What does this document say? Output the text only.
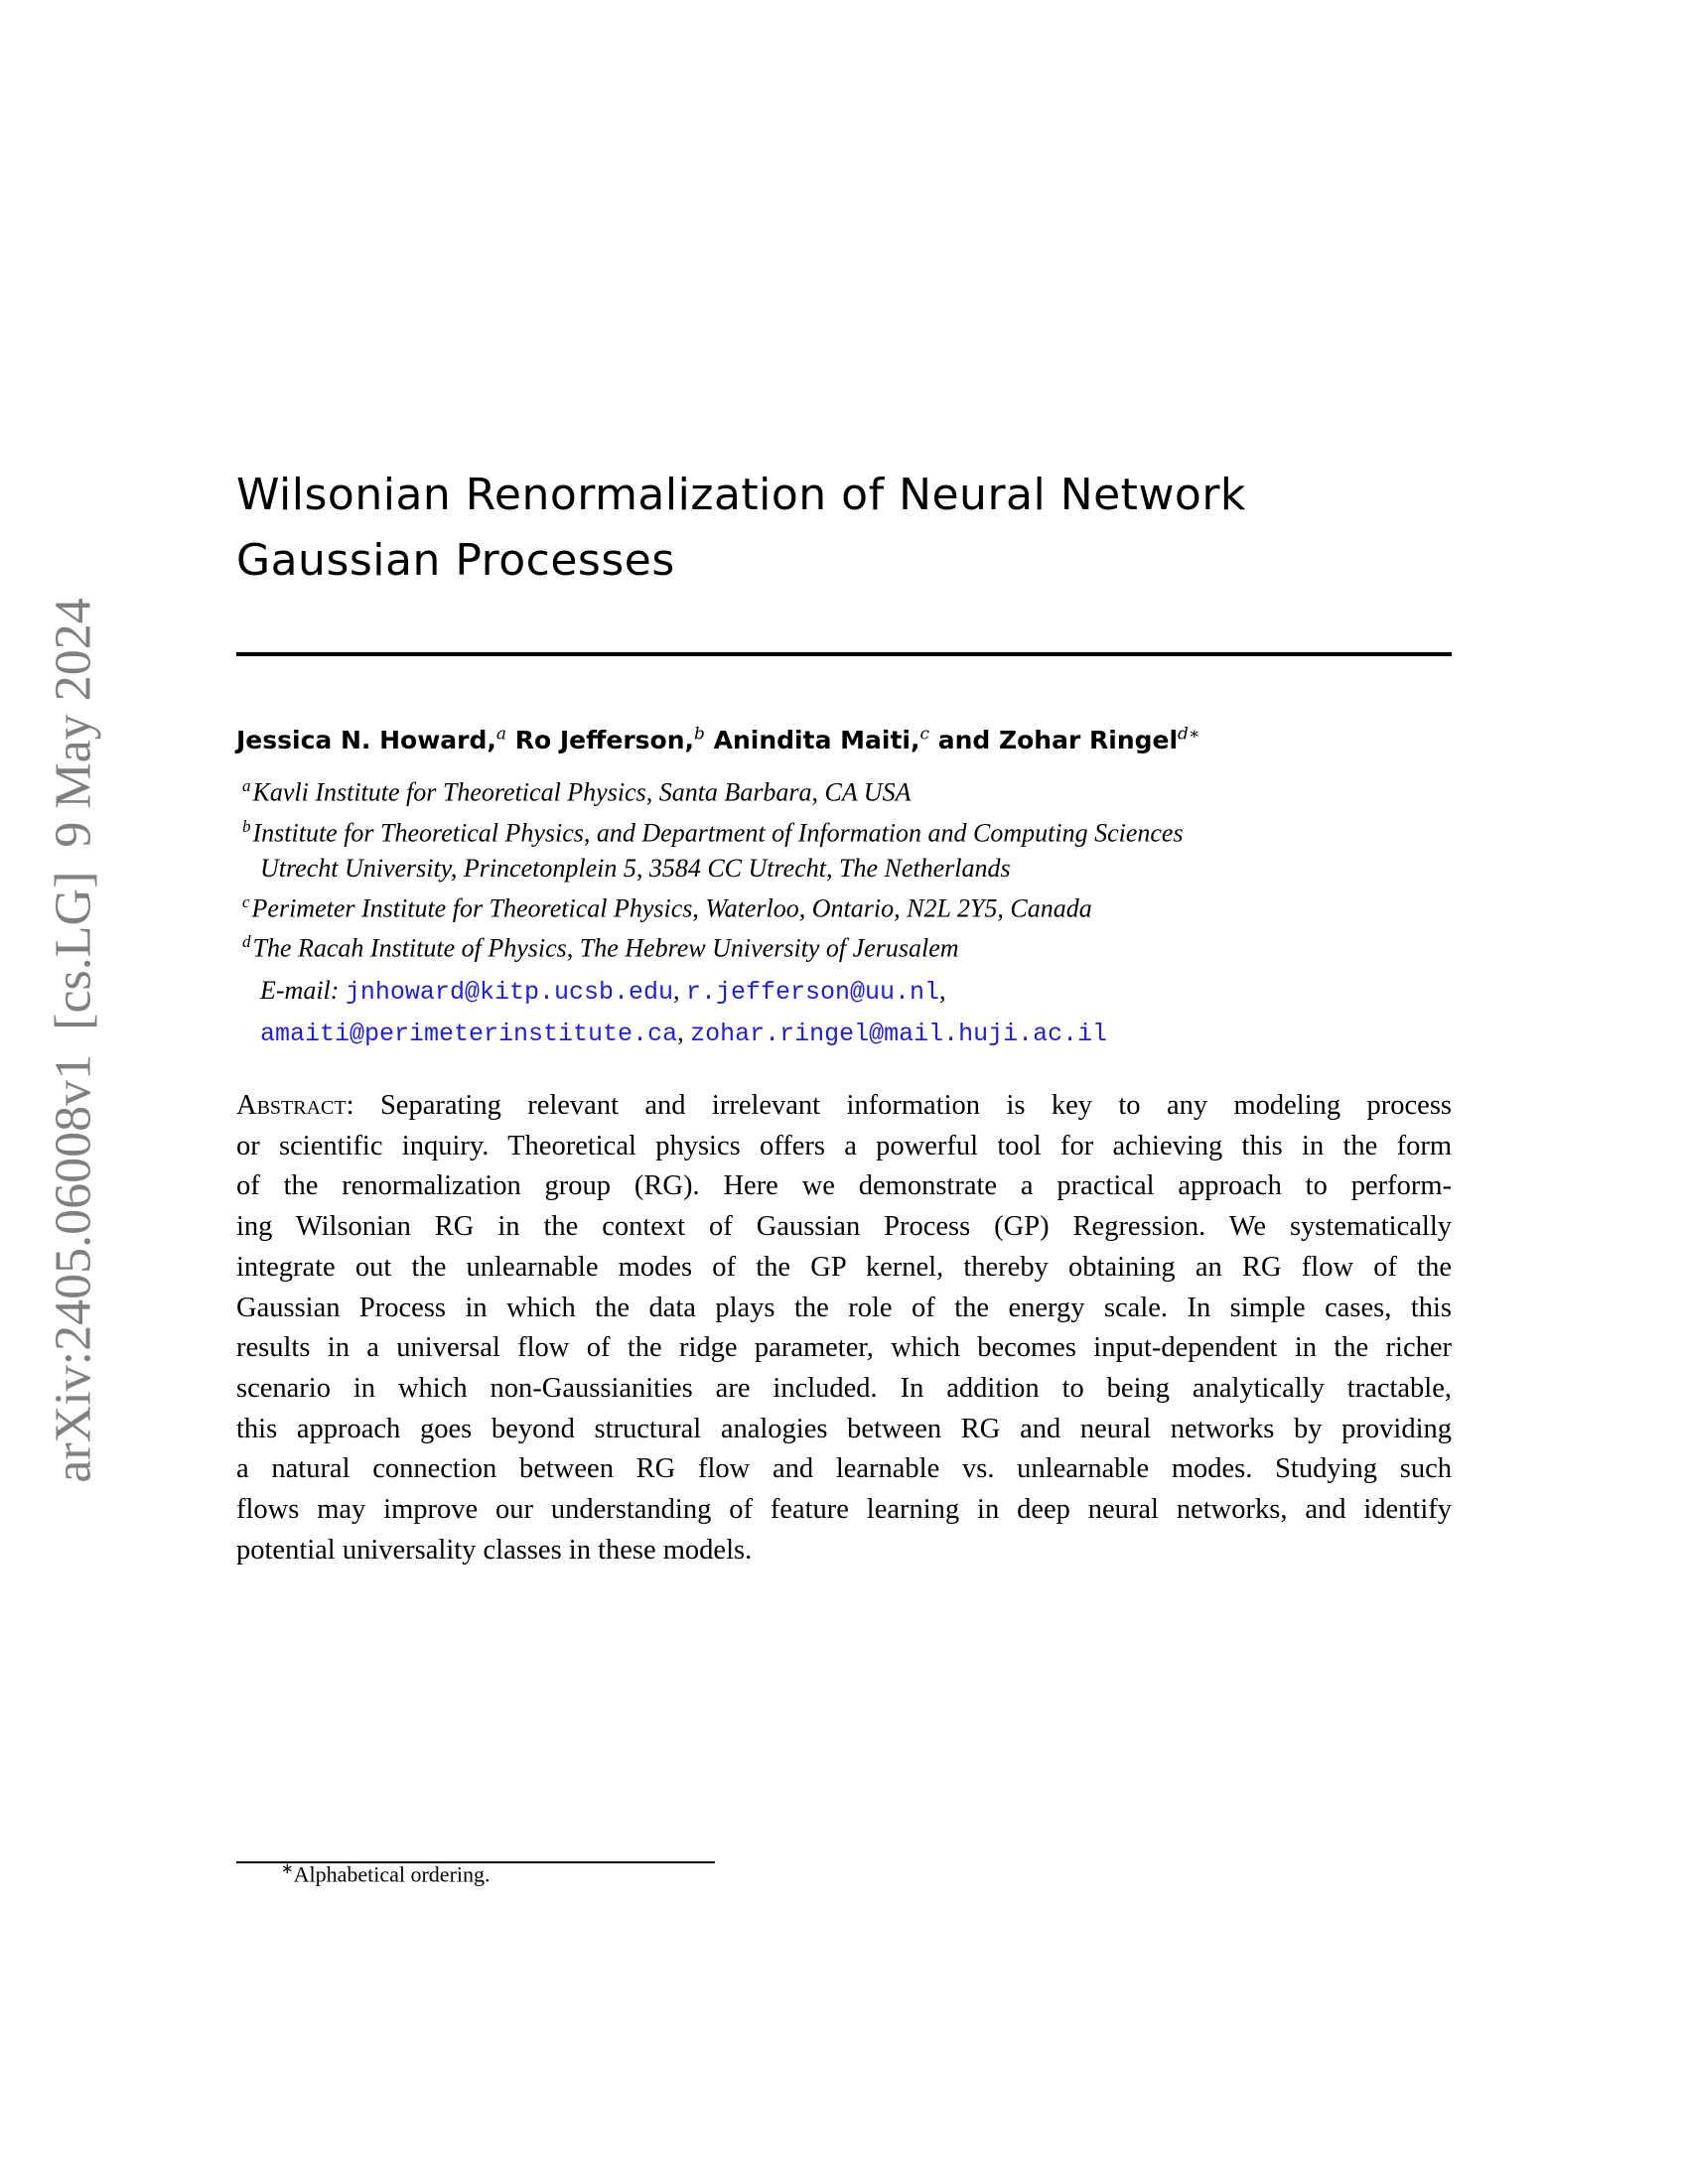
arXiv:2405.06008v1[cs.LG]9 May 2024
Wilsonian Renormalization of Neural Network
Gaussian Processes
Jessica N. Howard,$^a$ Ro Jefferson,$^b$ Anindita Maiti,$^c$ and Zohar Ringel$^{d∗}$
$^a$Kavli Institute for Theoretical Physics, Santa Barbara, CA USA
$^b$Institute for Theoretical Physics, and Department of Information and Computing Sciences
Utrecht University, Princetonplein 5, 3584 CC Utrecht, The Netherlands
$^c$Perimeter Institute for Theoretical Physics, Waterloo, Ontario, N2L 2Y5, Canada
$^d$The Racah Institute of Physics, The Hebrew University of Jerusalem
E-mail: jnhoward@kitp.ucsb.edu, r.jefferson@uu.nl,
amaiti@perimeterinstitute.ca, zohar.ringel@mail.huji.ac.il
Abstract: Separating relevant and irrelevant information is key to any modeling process
or scientific inquiry. Theoretical physics offers a powerful tool for achieving this in the form
of the renormalization group (RG). Here we demonstrate a practical approach to perform-
ing Wilsonian RG in the context of Gaussian Process (GP) Regression. We systematically
integrate out the unlearnable modes of the GP kernel, thereby obtaining an RG flow of the
Gaussian Process in which the data plays the role of the energy scale. In simple cases, this
results in a universal flow of the ridge parameter, which becomes input-dependent in the richer
scenario in which non-Gaussianities are included. In addition to being analytically tractable,
this approach goes beyond structural analogies between RG and neural networks by providing
a natural connection between RG flow and learnable vs. unlearnable modes. Studying such
flows may improve our understanding of feature learning in deep neural networks, and identify
potential universality classes in these models.
∗Alphabetical ordering.
